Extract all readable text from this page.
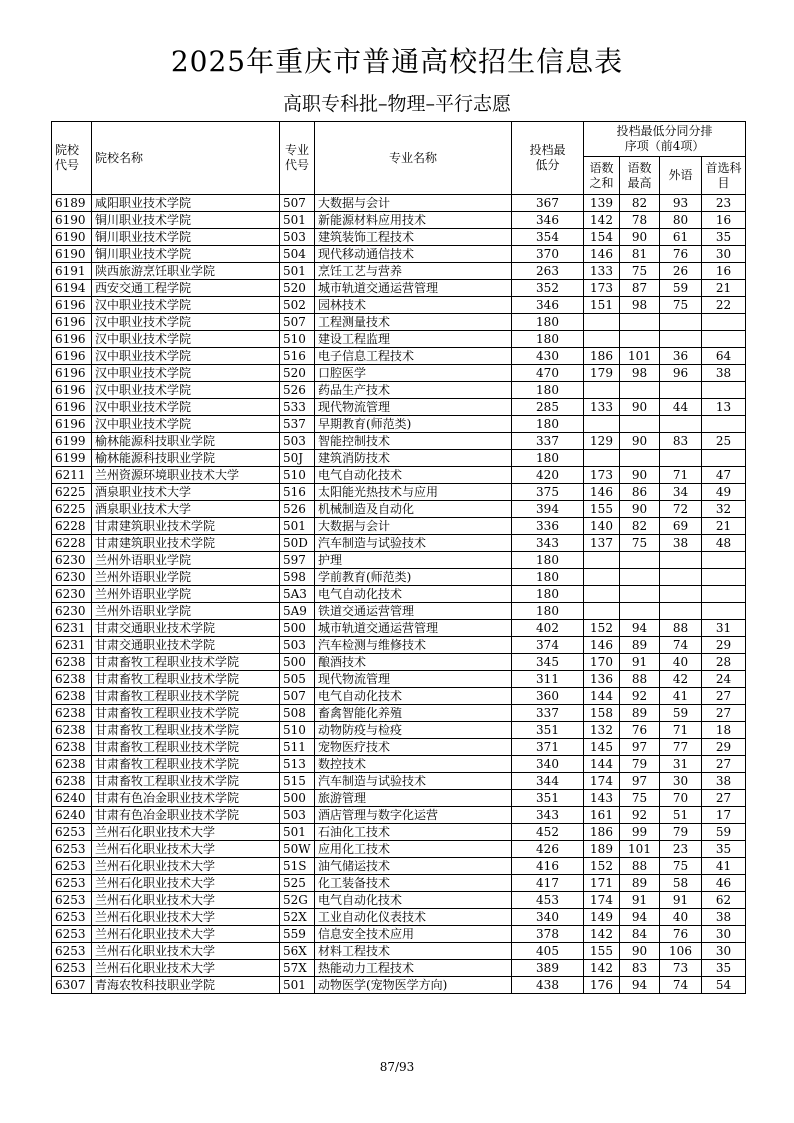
2025年重庆市普通高校招生信息表
高职专科批–物理–平行志愿
院校代号	院校名称	专业代号	专业名称	投档最低分	投档最低分同分排序项（前4项）			
					语数之和	语数最高	外语	首选科目
6189	咸阳职业技术学院	507	大数据与会计	367	139	82	93	23
6190	铜川职业技术学院	501	新能源材料应用技术	346	142	78	80	16
6190	铜川职业技术学院	503	建筑装饰工程技术	354	154	90	61	35
6190	铜川职业技术学院	504	现代移动通信技术	370	146	81	76	30
6191	陕西旅游烹饪职业学院	501	烹饪工艺与营养	263	133	75	26	16
6194	西安交通工程学院	520	城市轨道交通运营管理	352	173	87	59	21
6196	汉中职业技术学院	502	园林技术	346	151	98	75	22
6196	汉中职业技术学院	507	工程测量技术	180				
6196	汉中职业技术学院	510	建设工程监理	180				
6196	汉中职业技术学院	516	电子信息工程技术	430	186	101	36	64
6196	汉中职业技术学院	520	口腔医学	470	179	98	96	38
6196	汉中职业技术学院	526	药品生产技术	180				
6196	汉中职业技术学院	533	现代物流管理	285	133	90	44	13
6196	汉中职业技术学院	537	早期教育(师范类)	180				
6199	榆林能源科技职业学院	503	智能控制技术	337	129	90	83	25
6199	榆林能源科技职业学院	50J	建筑消防技术	180				
6211	兰州资源环境职业技术大学	510	电气自动化技术	420	173	90	71	47
6225	酒泉职业技术大学	516	太阳能光热技术与应用	375	146	86	34	49
6225	酒泉职业技术大学	526	机械制造及自动化	394	155	90	72	32
6228	甘肃建筑职业技术学院	501	大数据与会计	336	140	82	69	21
6228	甘肃建筑职业技术学院	50D	汽车制造与试验技术	343	137	75	38	48
6230	兰州外语职业学院	597	护理	180				
6230	兰州外语职业学院	598	学前教育(师范类)	180				
6230	兰州外语职业学院	5A3	电气自动化技术	180				
6230	兰州外语职业学院	5A9	铁道交通运营管理	180				
6231	甘肃交通职业技术学院	500	城市轨道交通运营管理	402	152	94	88	31
6231	甘肃交通职业技术学院	503	汽车检测与维修技术	374	146	89	74	29
6238	甘肃畜牧工程职业技术学院	500	酿酒技术	345	170	91	40	28
6238	甘肃畜牧工程职业技术学院	505	现代物流管理	311	136	88	42	24
6238	甘肃畜牧工程职业技术学院	507	电气自动化技术	360	144	92	41	27
6238	甘肃畜牧工程职业技术学院	508	畜禽智能化养殖	337	158	89	59	27
6238	甘肃畜牧工程职业技术学院	510	动物防疫与检疫	351	132	76	71	18
6238	甘肃畜牧工程职业技术学院	511	宠物医疗技术	371	145	97	77	29
6238	甘肃畜牧工程职业技术学院	513	数控技术	340	144	79	31	27
6238	甘肃畜牧工程职业技术学院	515	汽车制造与试验技术	344	174	97	30	38
6240	甘肃有色冶金职业技术学院	500	旅游管理	351	143	75	70	27
6240	甘肃有色冶金职业技术学院	503	酒店管理与数字化运营	343	161	92	51	17
6253	兰州石化职业技术大学	501	石油化工技术	452	186	99	79	59
6253	兰州石化职业技术大学	50W	应用化工技术	426	189	101	23	35
6253	兰州石化职业技术大学	51S	油气储运技术	416	152	88	75	41
6253	兰州石化职业技术大学	525	化工装备技术	417	171	89	58	46
6253	兰州石化职业技术大学	52G	电气自动化技术	453	174	91	91	62
6253	兰州石化职业技术大学	52X	工业自动化仪表技术	340	149	94	40	38
6253	兰州石化职业技术大学	559	信息安全技术应用	378	142	84	76	30
6253	兰州石化职业技术大学	56X	材料工程技术	405	155	90	106	30
6253	兰州石化职业技术大学	57X	热能动力工程技术	389	142	83	73	35
6307	青海农牧科技职业学院	501	动物医学(宠物医学方向)	438	176	94	74	54
87/93
